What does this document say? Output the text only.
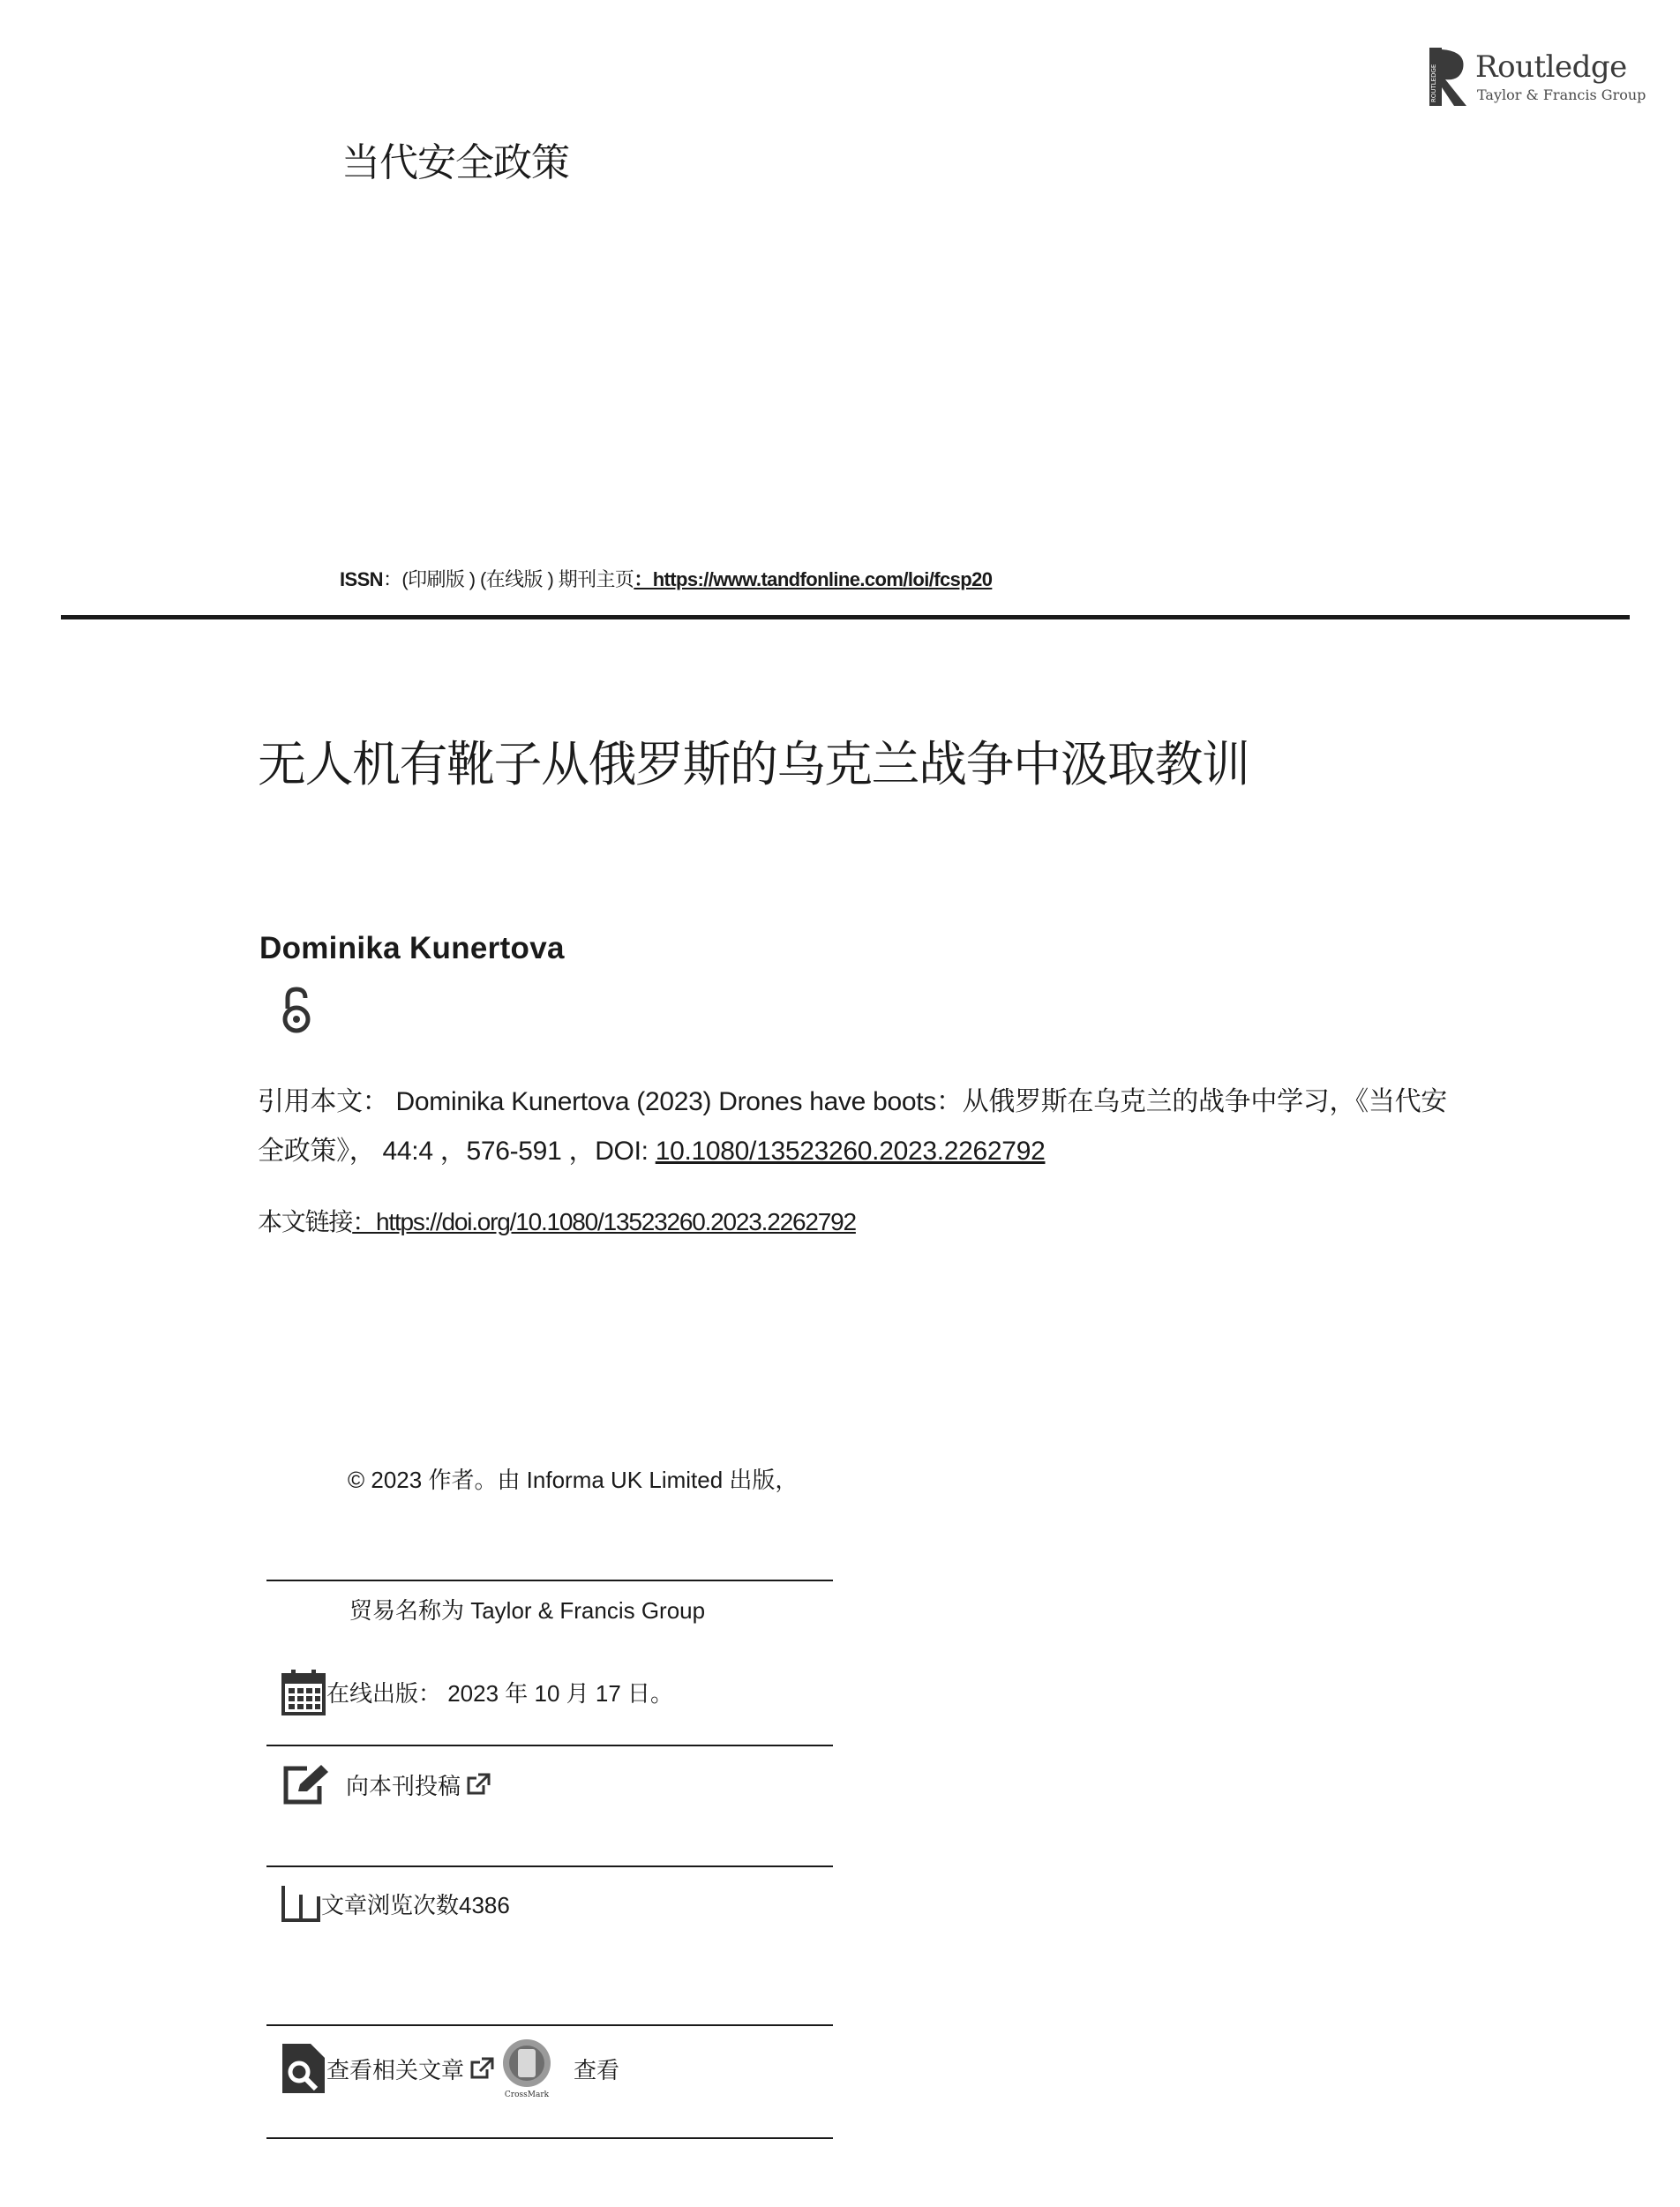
ROUTLEDGE Routledge
Taylor & Francis Group
当代安全政策
ISSN：(印刷版 ) (在线版 ) 期刊主页：https://www.tandfonline.com/loi/fcsp20
无人机有靴子从俄罗斯的乌克兰战争中汲取教训
Dominika Kunertova
引用本文： Dominika Kunertova (2023) Drones have boots：从俄罗斯在乌克兰的战争中学习，《当代安全政策》， 44:4 ，576-591 ，DOI: 10.1080/13523260.2023.2262792
本文链接：https://doi.org/10.1080/13523260.2023.2262792
© 2023 作者。由 Informa UK Limited 出版，
贸易名称为 Taylor & Francis Group
在线出版： 2023 年 10 月 17 日。
向本刊投稿
文章浏览次数4386
查看相关文章
CrossMark
查看
